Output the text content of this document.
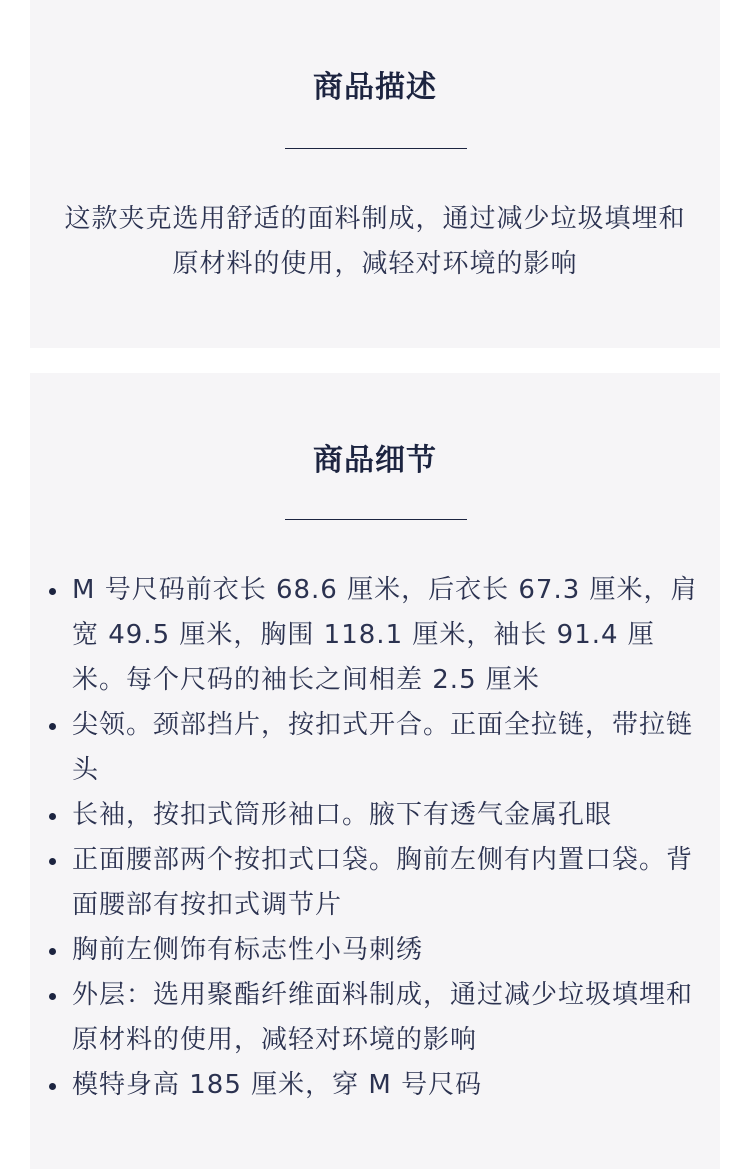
商品描述

这款夹克选用舒适的面料制成，通过减少垃圾填埋和原材料的使用，减轻对环境的影响

商品细节
M 号尺码前衣长 68.6 厘米，后衣长 67.3 厘米，肩宽 49.5 厘米，胸围 118.1 厘米，袖长 91.4 厘米。每个尺码的袖长之间相差 2.5 厘米
尖领。颈部挡片，按扣式开合。正面全拉链，带拉链头
长袖，按扣式筒形袖口。腋下有透气金属孔眼
正面腰部两个按扣式口袋。胸前左侧有内置口袋。背面腰部有按扣式调节片
胸前左侧饰有标志性小马刺绣
外层：选用聚酯纤维面料制成，通过减少垃圾填埋和原材料的使用，减轻对环境的影响
模特身高 185 厘米，穿 M 号尺码
